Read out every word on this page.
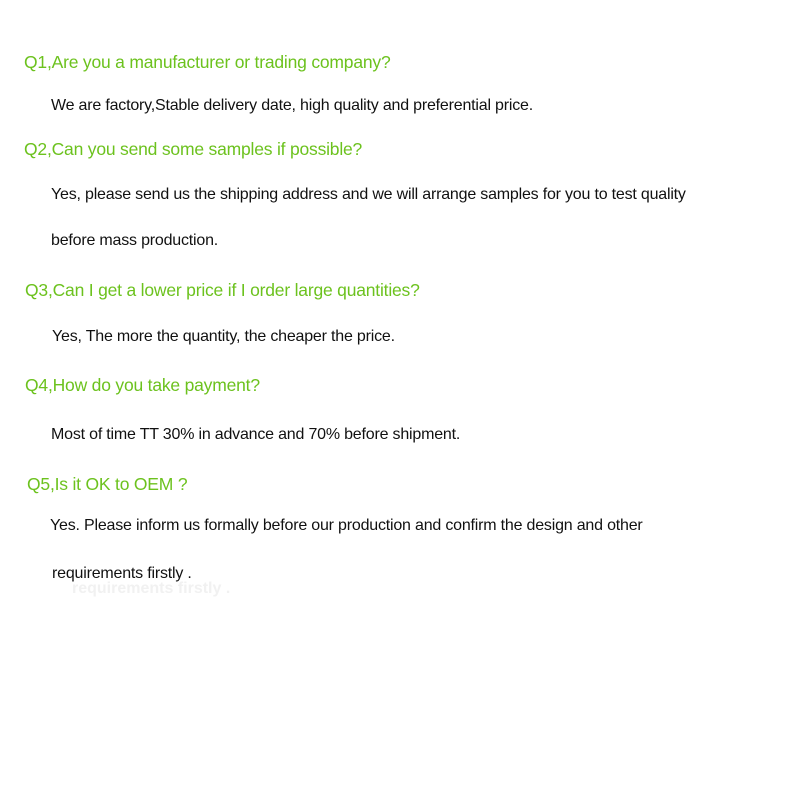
Q1,Are you a manufacturer or trading company?

We are factory,Stable delivery date, high quality and preferential price.

Q2,Can you send some samples if possible?

Yes, please send us the shipping address and we will arrange samples for you to test quality

before mass production.

Q3,Can I get a lower price if I order large quantities?

Yes, The more the quantity, the cheaper the price.

Q4,How do you take payment?

Most of time TT 30% in advance and 70% before shipment.

Q5,Is it OK to OEM ?

Yes. Please inform us formally before our production and confirm the design and other

requirements firstly .

requirements firstly .
